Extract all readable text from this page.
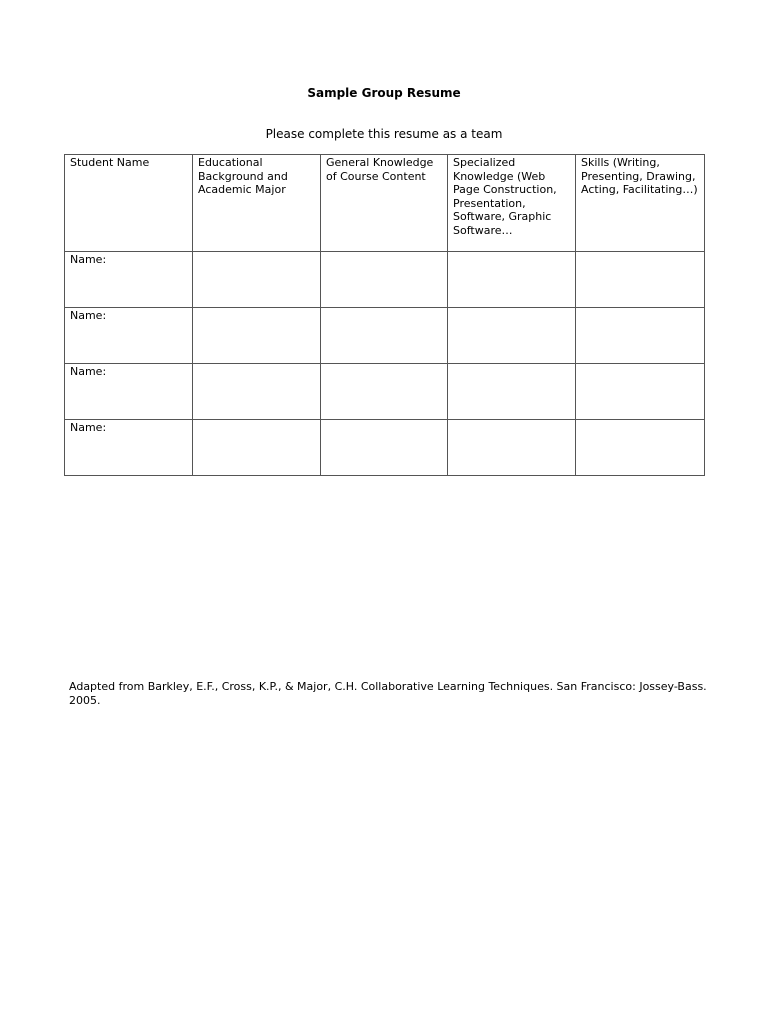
Sample Group Resume
Please complete this resume as a team
Student Name	Educational Background and Academic Major	General Knowledge of Course Content	Specialized Knowledge (Web Page Construction, Presentation, Software, Graphic Software…	Skills (Writing, Presenting, Drawing, Acting, Facilitating…)
Name:				
Name:				
Name:				
Name:				
Adapted from Barkley, E.F., Cross, K.P., & Major, C.H. Collaborative Learning Techniques. San Francisco: Jossey-Bass. 2005.
